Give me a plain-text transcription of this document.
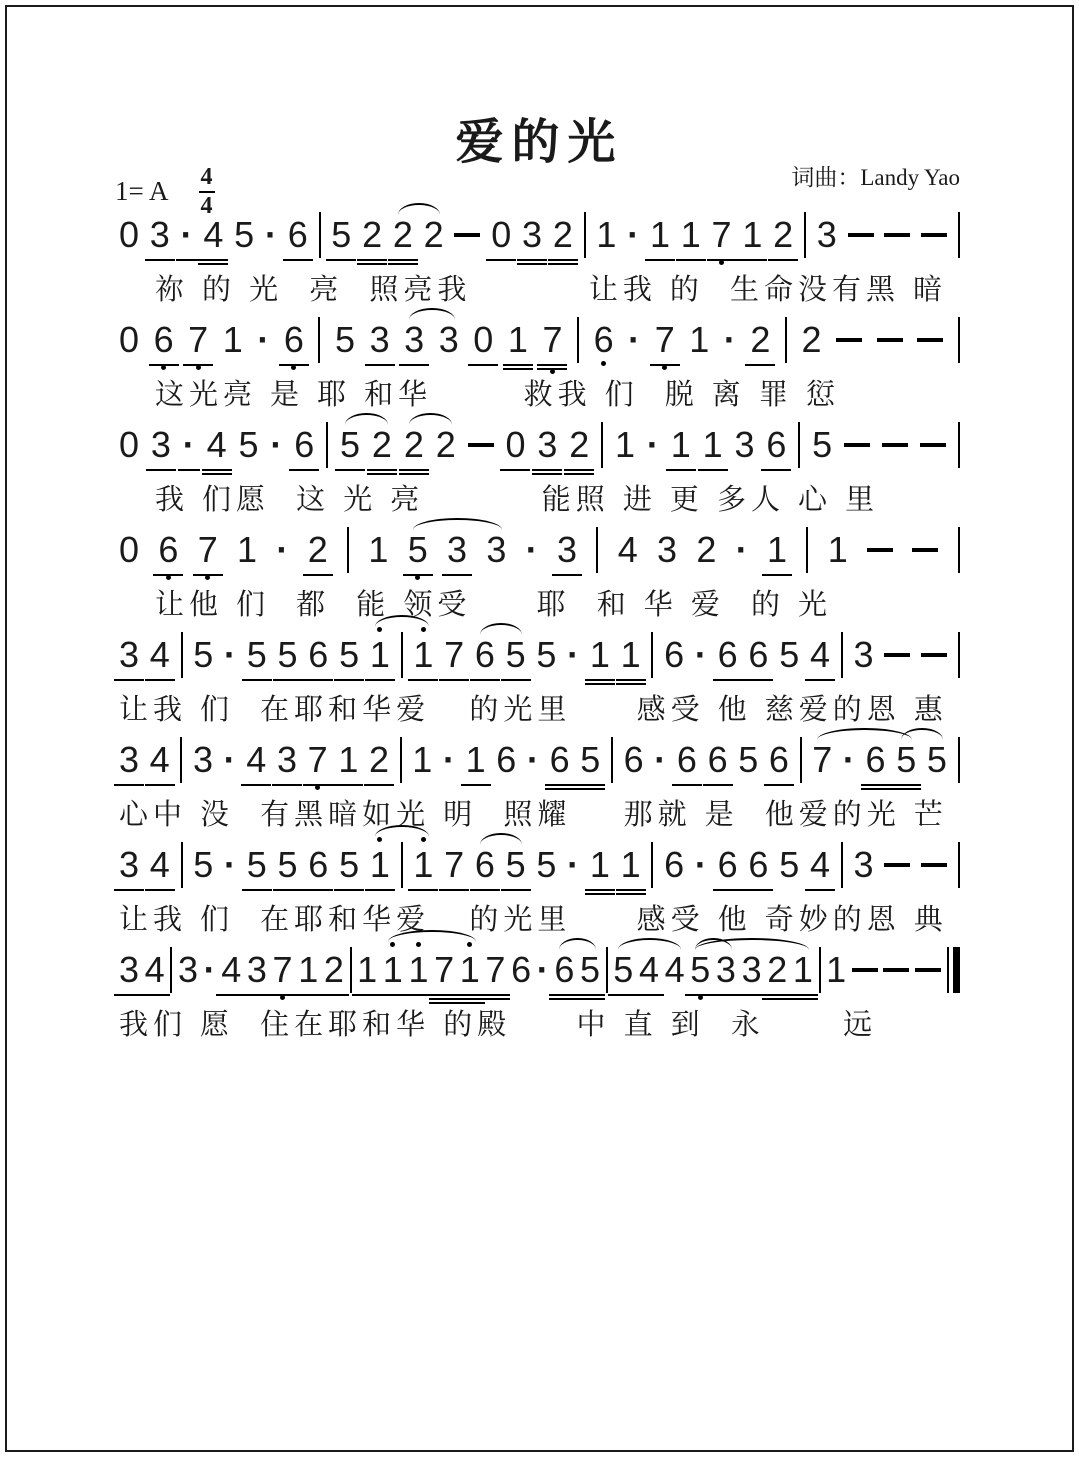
爱的光
词曲：Landy Yao
1= A $\frac{4}{4}$
0 3 · 4 5 · 6 5 2 2 2 0 3 2 1 · 1 1 7 1 2 3
祢 的 光  亮  照亮我         让我 的  生命没有黑 暗
0 6 7 1 · 6 5 3 3 3 0 1 7 6 · 7 1 · 2 2
这光亮 是 耶 和华       救我 们  脱 离 罪 愆
0 3 · 4 5 · 6 5 2 2 2 0 3 2 1 · 1 1 3 6 5
我 们愿  这 光 亮         能照 进 更 多人 心 里
0 6 7 1 · 2 1 5 3 3 · 3 4 3 2 · 1 1
让他 们  都  能 领受     耶  和 华 爱  的 光
3 4 5 · 5 5 6 5 1 1 7 6 5 5 · 1 1 6 · 6 6 5 4 3
让我 们  在耶和华爱   的光里     感受 他 慈爱的恩 惠
3 4 3 · 4 3 7 1 2 1 · 1 6 · 6 5 6 · 6 6 5 6 7 · 6 5 5
心中 没  有黑暗如光 明  照耀    那就 是  他爱的光 芒
3 4 5 · 5 5 6 5 1 1 7 6 5 5 · 1 1 6 · 6 6 5 4 3
让我 们  在耶和华爱   的光里     感受 他 奇妙的恩 典
3 4 3 · 4 3 7 1 2 1 1 1 7 1 7 6 · 6 5 5 4 4 5 3 3 2 1 1
我们 愿  住在耶和华 的殿     中 直 到  永      远
